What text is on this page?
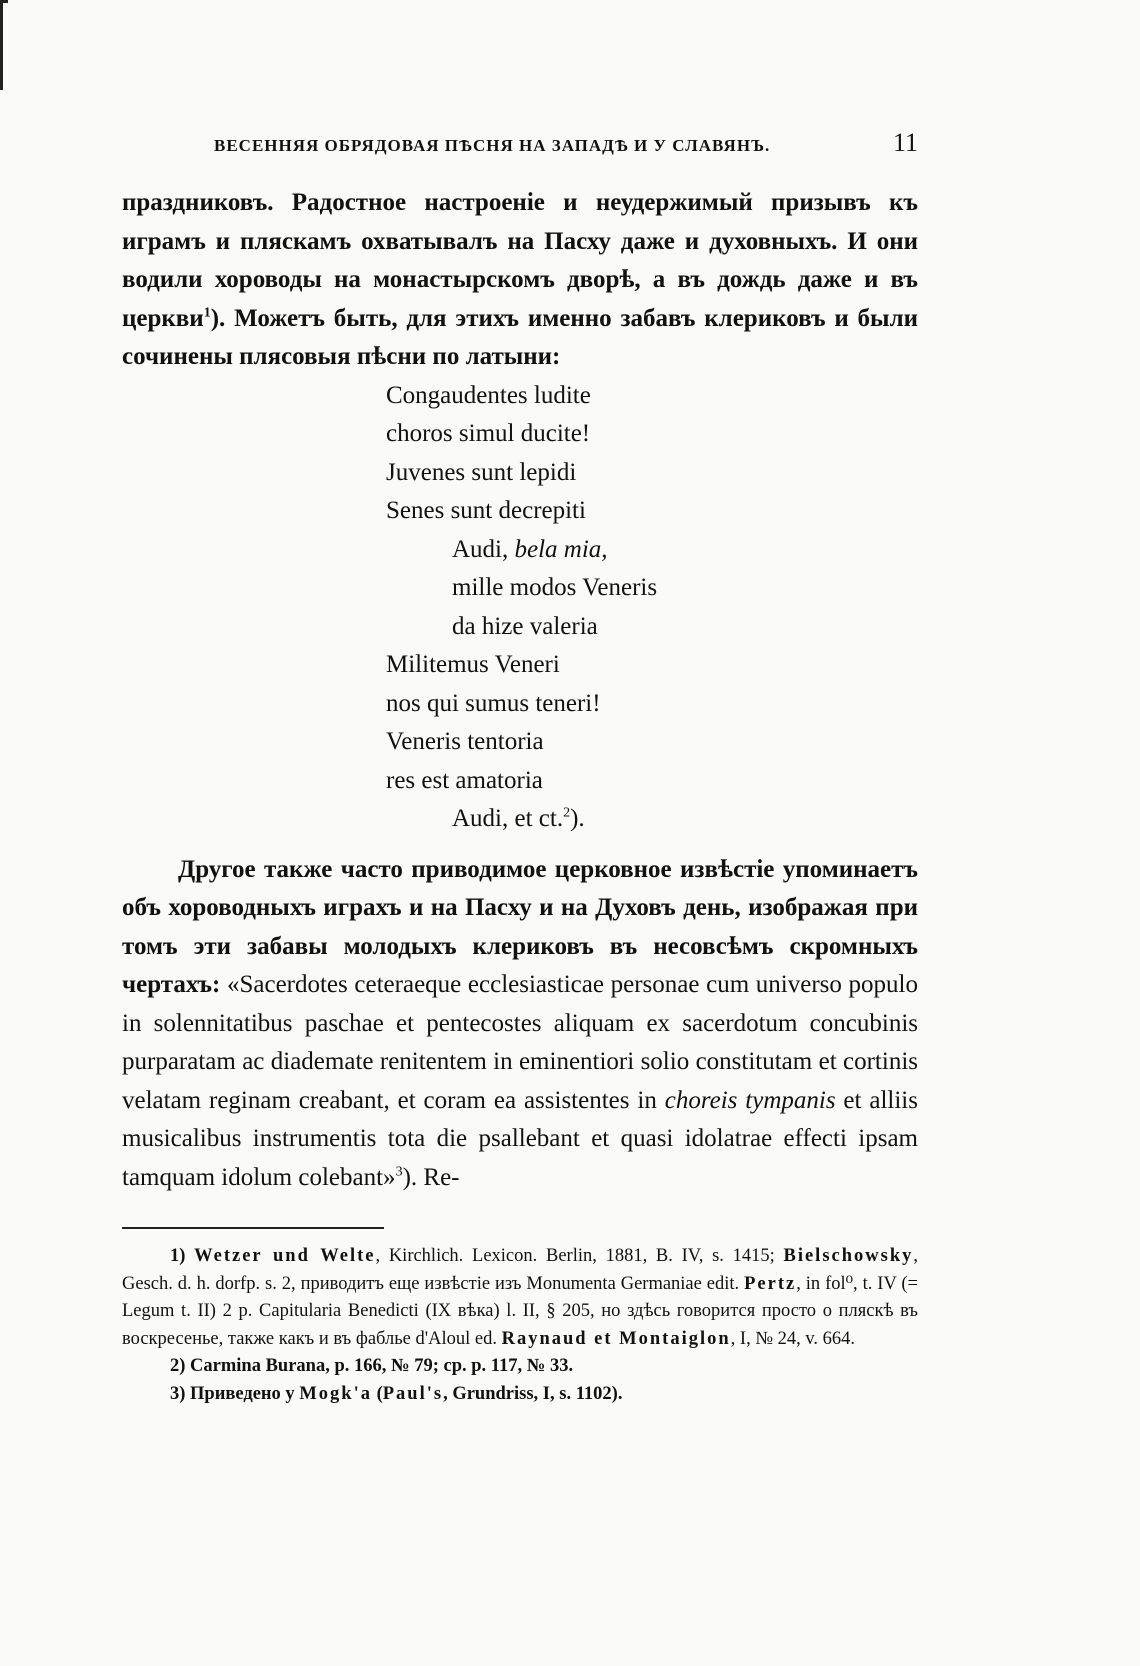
ВЕСЕННЯЯ ОБРЯДОВАЯ ПѢСНЯ НА ЗАПАДѢ И У СЛАВЯНЪ.	11

праздниковъ. Радостное настроеніе и неудержимый призывъ къ играмъ и пляскамъ охватывалъ на Пасху даже и духовныхъ. И они водили хороводы на монастырскомъ дворѣ, а въ дождь даже и въ церкви$^1$). Можетъ быть, для этихъ именно забавъ клериковъ и были сочинены плясовыя пѣсни по латыни:

Congaudentes ludite
choros simul ducite!
Juvenes sunt lepidi
Senes sunt decrepiti
Audi, bela mia,
mille modos Veneris
da hize valeria
Militemus Veneri
nos qui sumus teneri!
Veneris tentoria
res est amatoria
Audi, et ct.$^2$).

Другое также часто приводимое церковное извѣстіе упоминаетъ объ хороводныхъ играхъ и на Пасху и на Духовъ день, изображая при томъ эти забавы молодыхъ клериковъ въ несовсѣмъ скромныхъ чертахъ: «Sacerdotes ceteraeque ecclesiasticae personae cum universo populo in solennitatibus paschae et pentecostes aliquam ex sacerdotum concubinis purparatam ac diademate renitentem in eminentiori solio constitutam et cortinis velatam reginam creabant, et coram ea assistentes in choreis tympanis et alliis musicalibus instrumentis tota die psallebant et quasi idolatrae effecti ipsam tamquam idolum colebant»$^3$). Re-

1) Wetzer und Welte, Kirchlich. Lexicon. Berlin, 1881, B. IV, s. 1415; Bielschowsky, Gesch. d. h. dorfp. s. 2, приводитъ еще извѣстіе изъ Monumenta Germaniae edit. Pertz, in fol⁰, t. IV (= Legum t. II) 2 p. Capitularia Benedicti (IX вѣка) l. II, § 205, но здѣсь говорится просто о пляскѣ въ воскресенье, также какъ и въ фаблье d'Aloul ed. Raynaud et Montaiglon, I, № 24, v. 664.

2) Carmina Burana, p. 166, № 79; ср. р. 117, № 33.

3) Приведено у Mogk'a (Paul's, Grundriss, I, s. 1102).
